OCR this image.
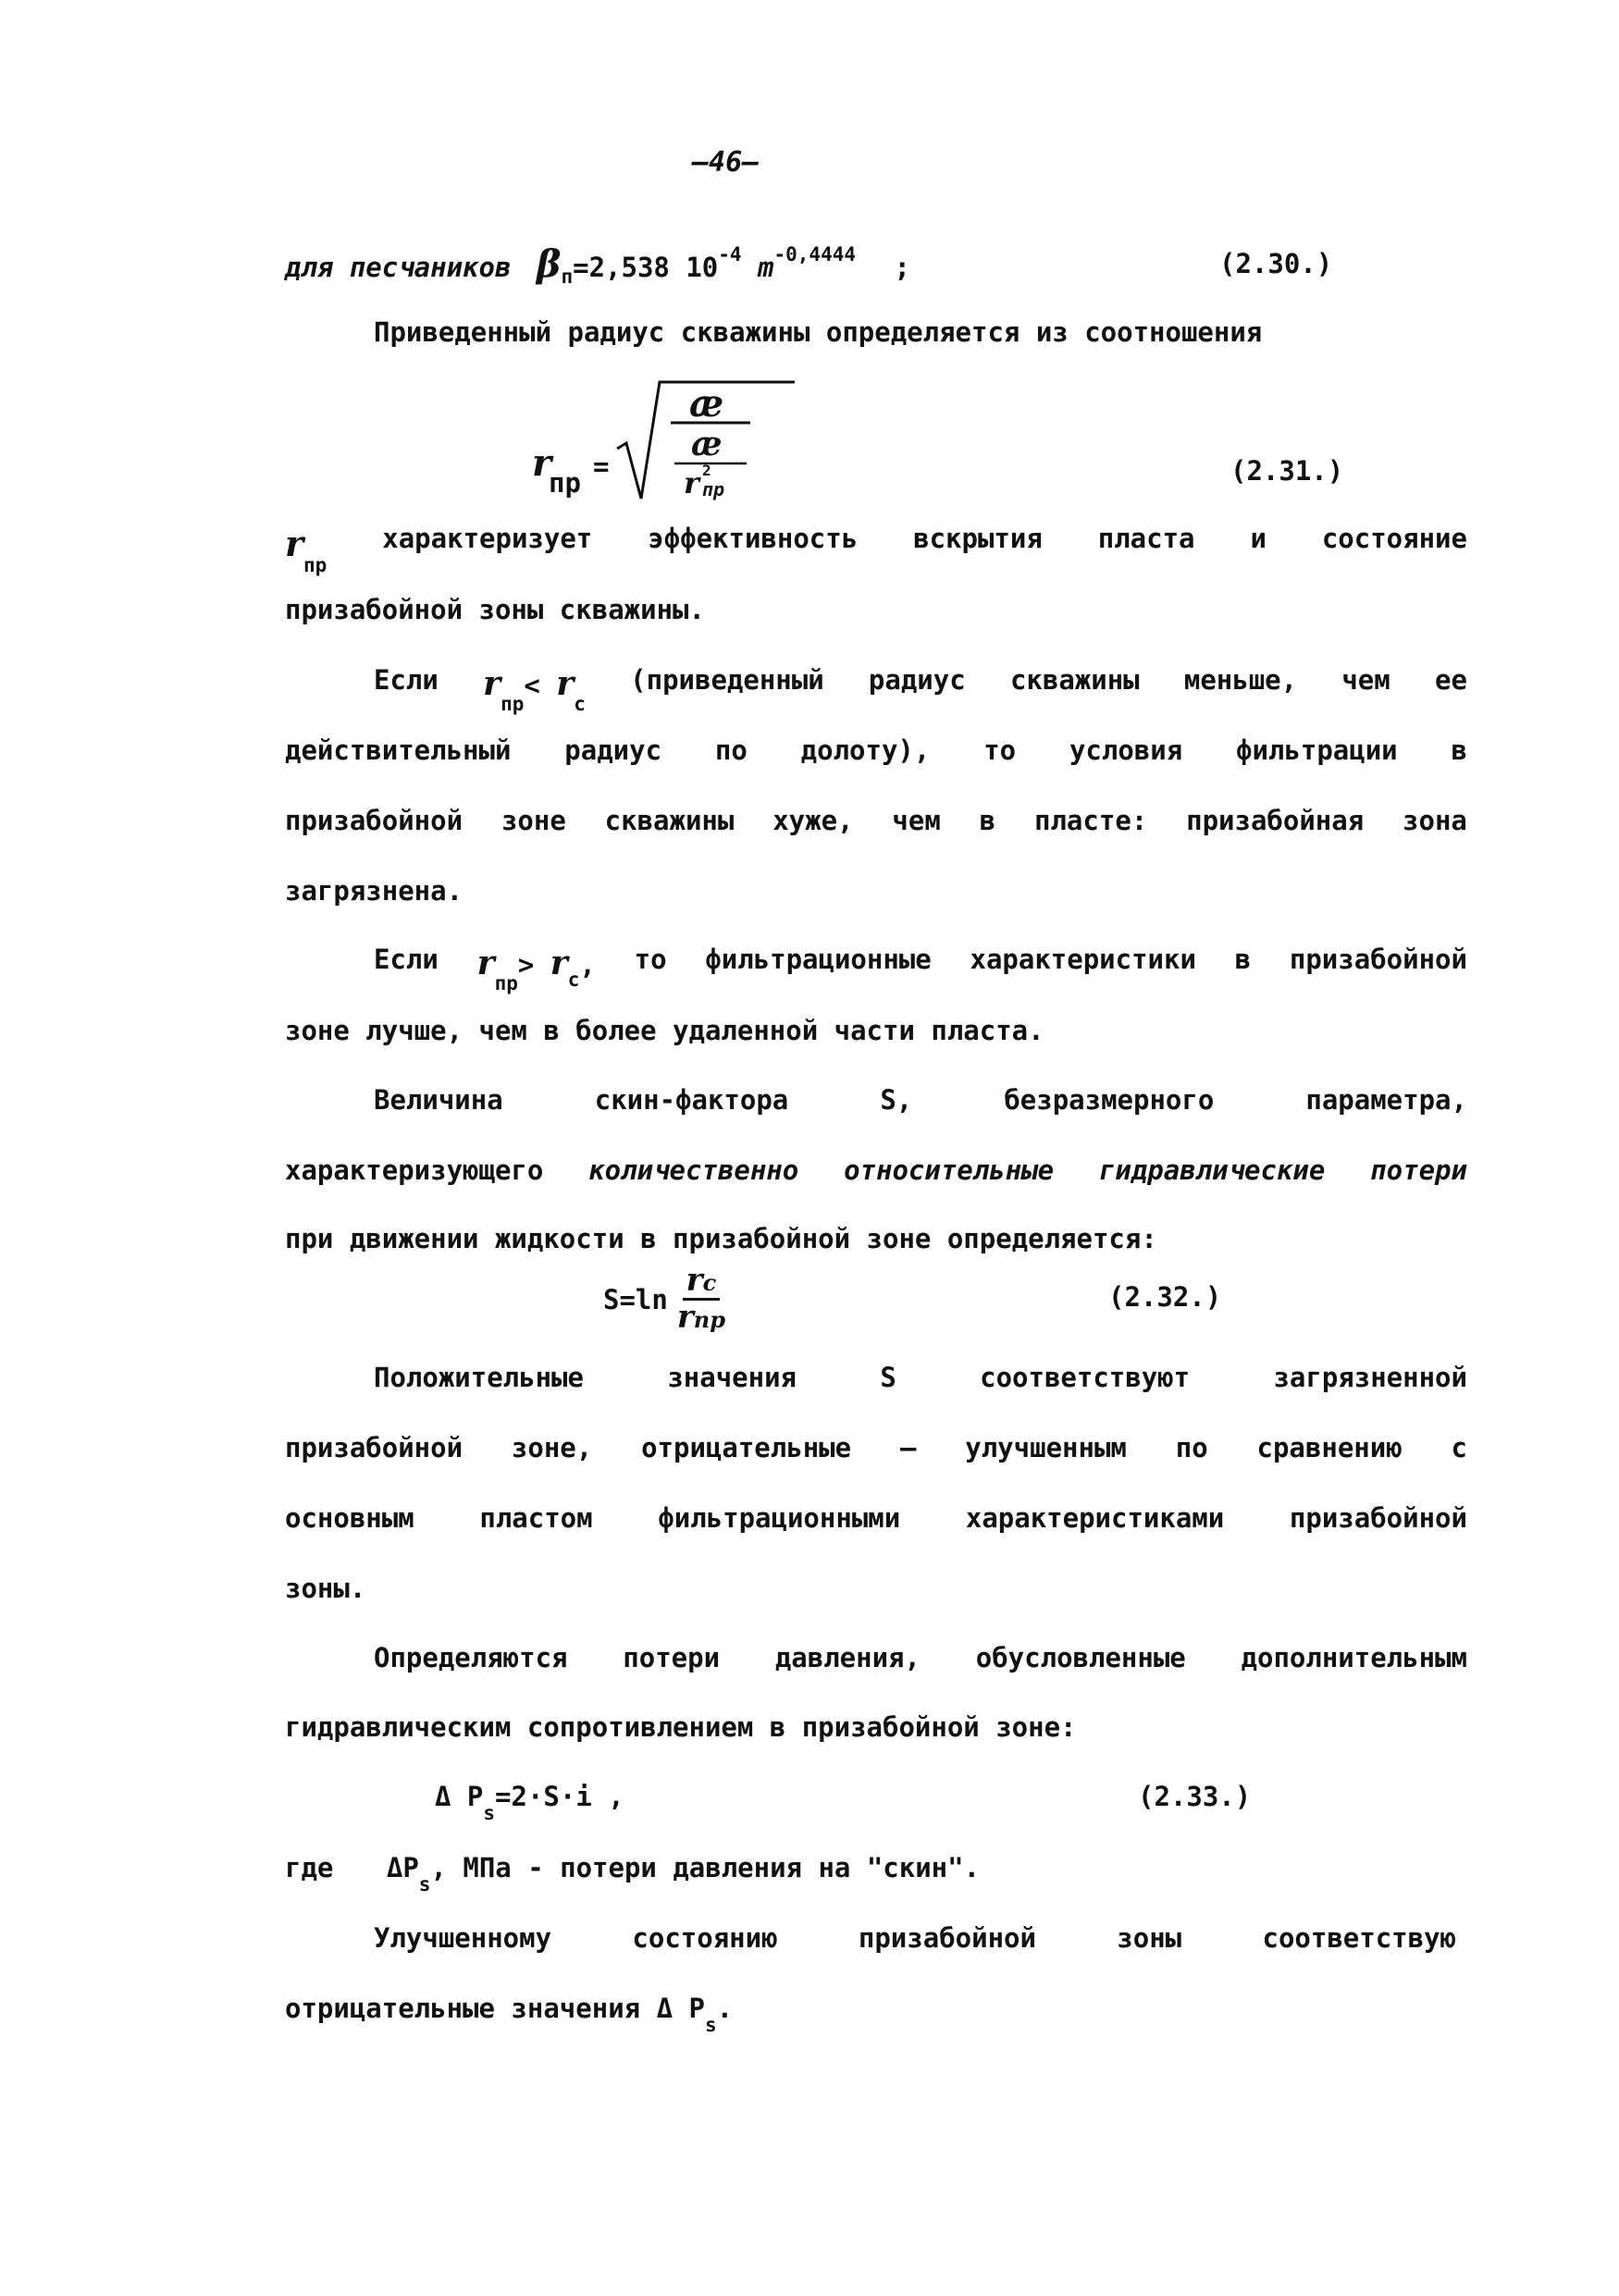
—46—
для песчаников $\beta_п=2,538$ $10^{-4}$ $m^{-0,4444}$ ;	(2.30.)
Приведенный радиус скважины определяется из соотношения
r
пр
=
æ
æ
r 2
пр
(2.31.)
$r_{пр}$
характеризует эффективность вскрытия пласта и состояние
призабойной зоны скважины.
Если $r_{пр}< r_c$
(приведенный радиус скважины меньше, чем ее
действительный радиус по долоту), то условия фильтрации в
призабойной зоне скважины хуже, чем в пласте: призабойная зона
загрязнена.
Если $r_{пр}> r_c$, то фильтрационные характеристики в призабойной
зоне лучше, чем в более удаленной части пласта.
Величина	скин-фактора	S,	безразмерного	параметра,
характеризующего количественно относительные гидравлические потери
при движении жидкости в призабойной зоне определяется:
$S=\ln \frac{rc}{\text{rпр}}$	(2.32.)
Положительные	значения	S	соответствуют	загрязненной
призабойной зоне, отрицательные – улучшенным по сравнению с
основным пластом фильтрационными характеристиками призабойной
зоны.
Определяются потери давления, обусловленные дополнительным
гидравлическим сопротивлением в призабойной зоне:
Δ $P_s=2\cdot S\cdot i$ ,	(2.33.)
где $\Delta P_s$, МПа - потери давления на "скин".
Улучшенному	состоянию	призабойной	зоны	соответствую
отрицательные значения Δ $P_s$.
